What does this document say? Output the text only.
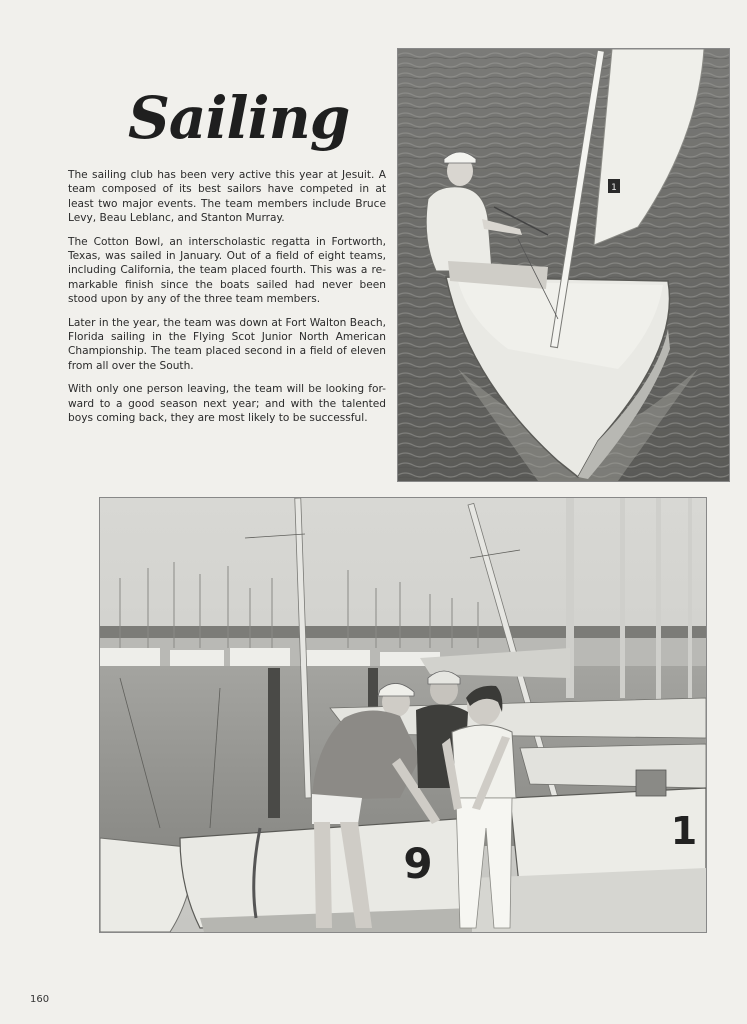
Sailing

The sailing club has been very active this year at Jesuit. A team composed of its best sailors have competed in at least two major events. The team members include Bruce Levy, Beau Leblanc, and Stanton Murray.

The Cotton Bowl, an interscholastic regatta in Fortworth, Texas, was sailed in January. Out of a field of eight teams, including California, the team placed fourth. This was a re-markable finish since the boats sailed had never been stood upon by any of the three team members.

Later in the year, the team was down at Fort Walton Beach, Florida sailing in the Flying Scot Junior North American Championship. The team placed second in a field of eleven from all over the South.

With only one person leaving, the team will be looking for-ward to a good season next year; and with the talented boys coming back, they are most likely to be successful.

1
9
1
160
